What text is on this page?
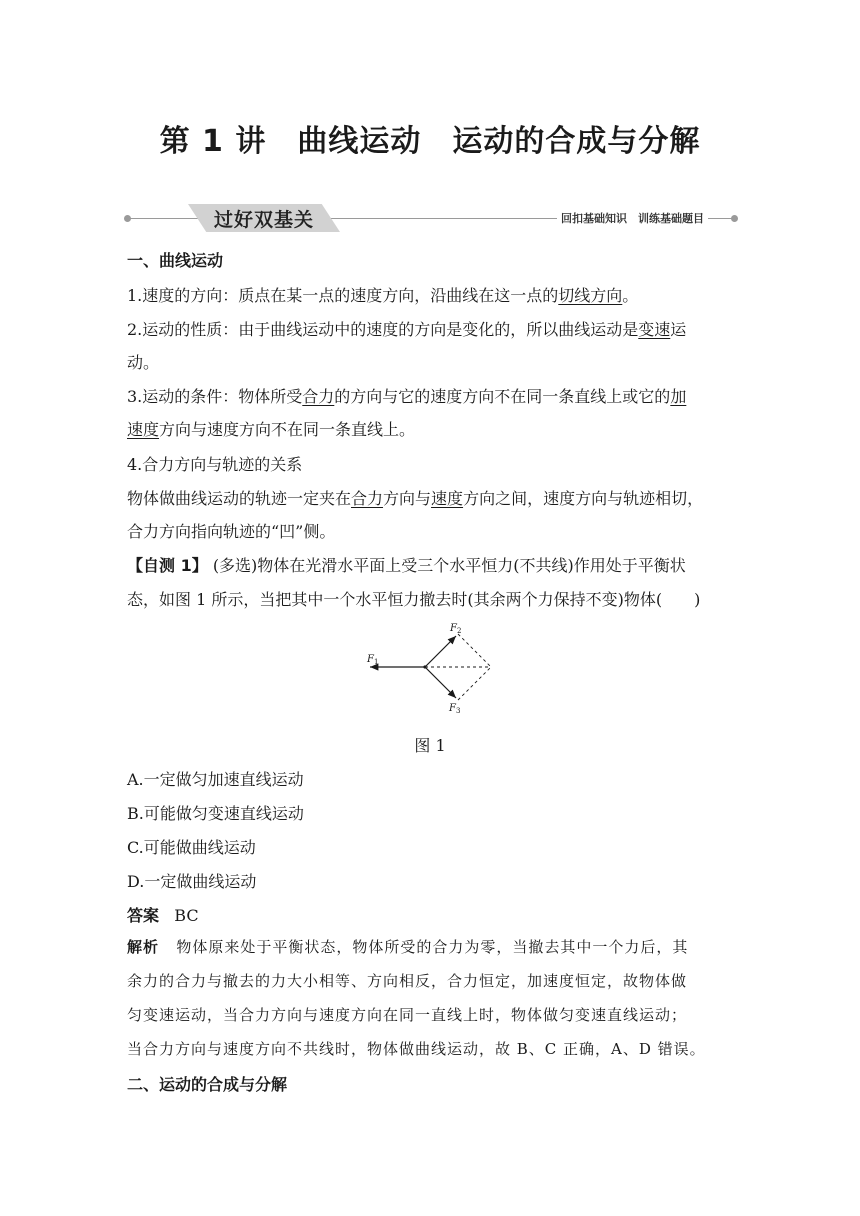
第 1 讲　曲线运动　运动的合成与分解
过好双基关	回扣基础知识　训练基础题目

一、曲线运动

1.速度的方向：质点在某一点的速度方向，沿曲线在这一点的切线方向。

2.运动的性质：由于曲线运动中的速度的方向是变化的，所以曲线运动是变速运

动。

3.运动的条件：物体所受合力的方向与它的速度方向不在同一条直线上或它的加

速度方向与速度方向不在同一条直线上。

4.合力方向与轨迹的关系

物体做曲线运动的轨迹一定夹在合力方向与速度方向之间，速度方向与轨迹相切，

合力方向指向轨迹的“凹”侧。

【自测 1】 (多选)物体在光滑水平面上受三个水平恒力(不共线)作用处于平衡状

态，如图 1 所示，当把其中一个水平恒力撤去时(其余两个力保持不变)物体(　　)

$F_1$
$F_2$
$F_3$
图 1

A.一定做匀加速直线运动

B.可能做匀变速直线运动

C.可能做曲线运动

D.一定做曲线运动

答案 BC

解析 物体原来处于平衡状态，物体所受的合力为零，当撤去其中一个力后，其

余力的合力与撤去的力大小相等、方向相反，合力恒定，加速度恒定，故物体做

匀变速运动，当合力方向与速度方向在同一直线上时，物体做匀变速直线运动；

当合力方向与速度方向不共线时，物体做曲线运动，故 B、C 正确，A、D 错误。

二、运动的合成与分解
